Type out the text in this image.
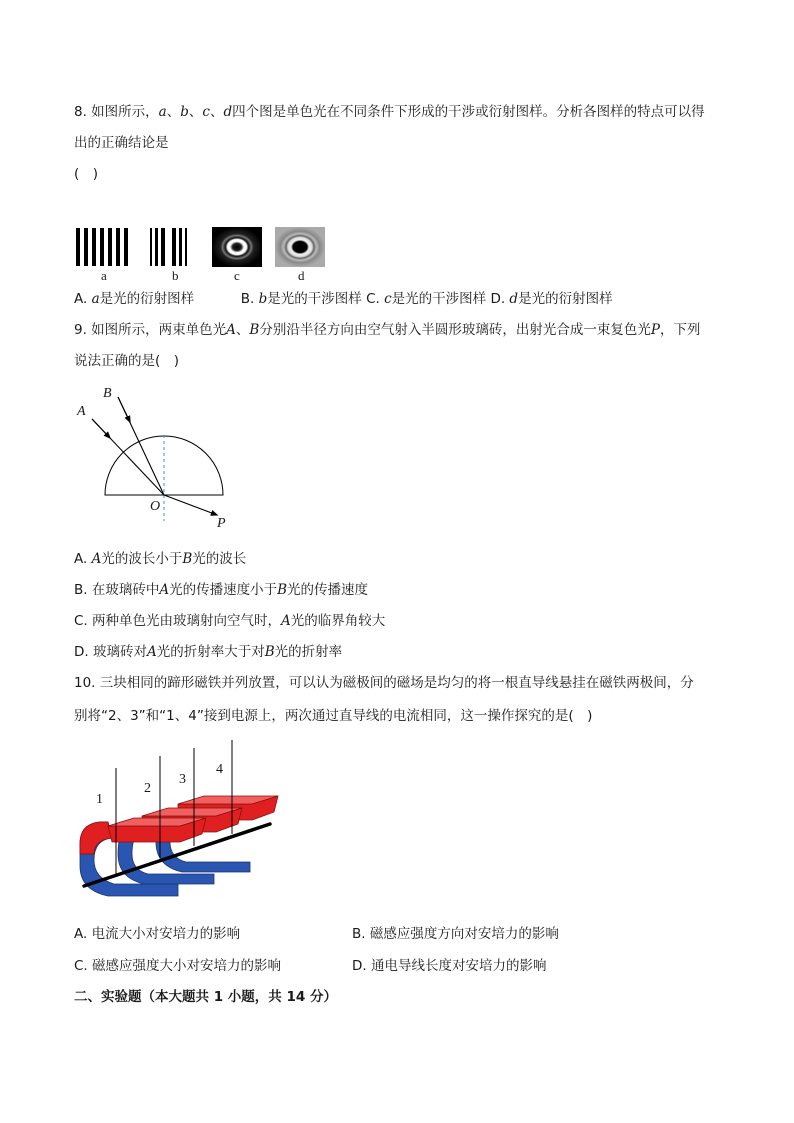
8. 如图所示，a、b、c、d四个图是单色光在不同条件下形成的干涉或衍射图样。分析各图样的特点可以得
出的正确结论是
(　)
a	b	c	d
A. a是光的衍射图样	B. b是光的干涉图样 C. c是光的干涉图样 D. d是光的衍射图样
9. 如图所示，两束单色光A、B分别沿半径方向由空气射入半圆形玻璃砖，出射光合成一束复色光P，下列
说法正确的是(　)
B
A
O
P
A. A光的波长小于B光的波长
B. 在玻璃砖中A光的传播速度小于B光的传播速度
C. 两种单色光由玻璃射向空气时，A光的临界角较大
D. 玻璃砖对A光的折射率大于对B光的折射率
10. 三块相同的蹄形磁铁并列放置，可以认为磁极间的磁场是均匀的将一根直导线悬挂在磁铁两极间，分
别将“2、3”和“1、4”接到电源上，两次通过直导线的电流相同，这一操作探究的是(　)
1
2
3
4
A. 电流大小对安培力的影响	B. 磁感应强度方向对安培力的影响
C. 磁感应强度大小对安培力的影响	D. 通电导线长度对安培力的影响
二、实验题（本大题共 1 小题，共 14 分）
